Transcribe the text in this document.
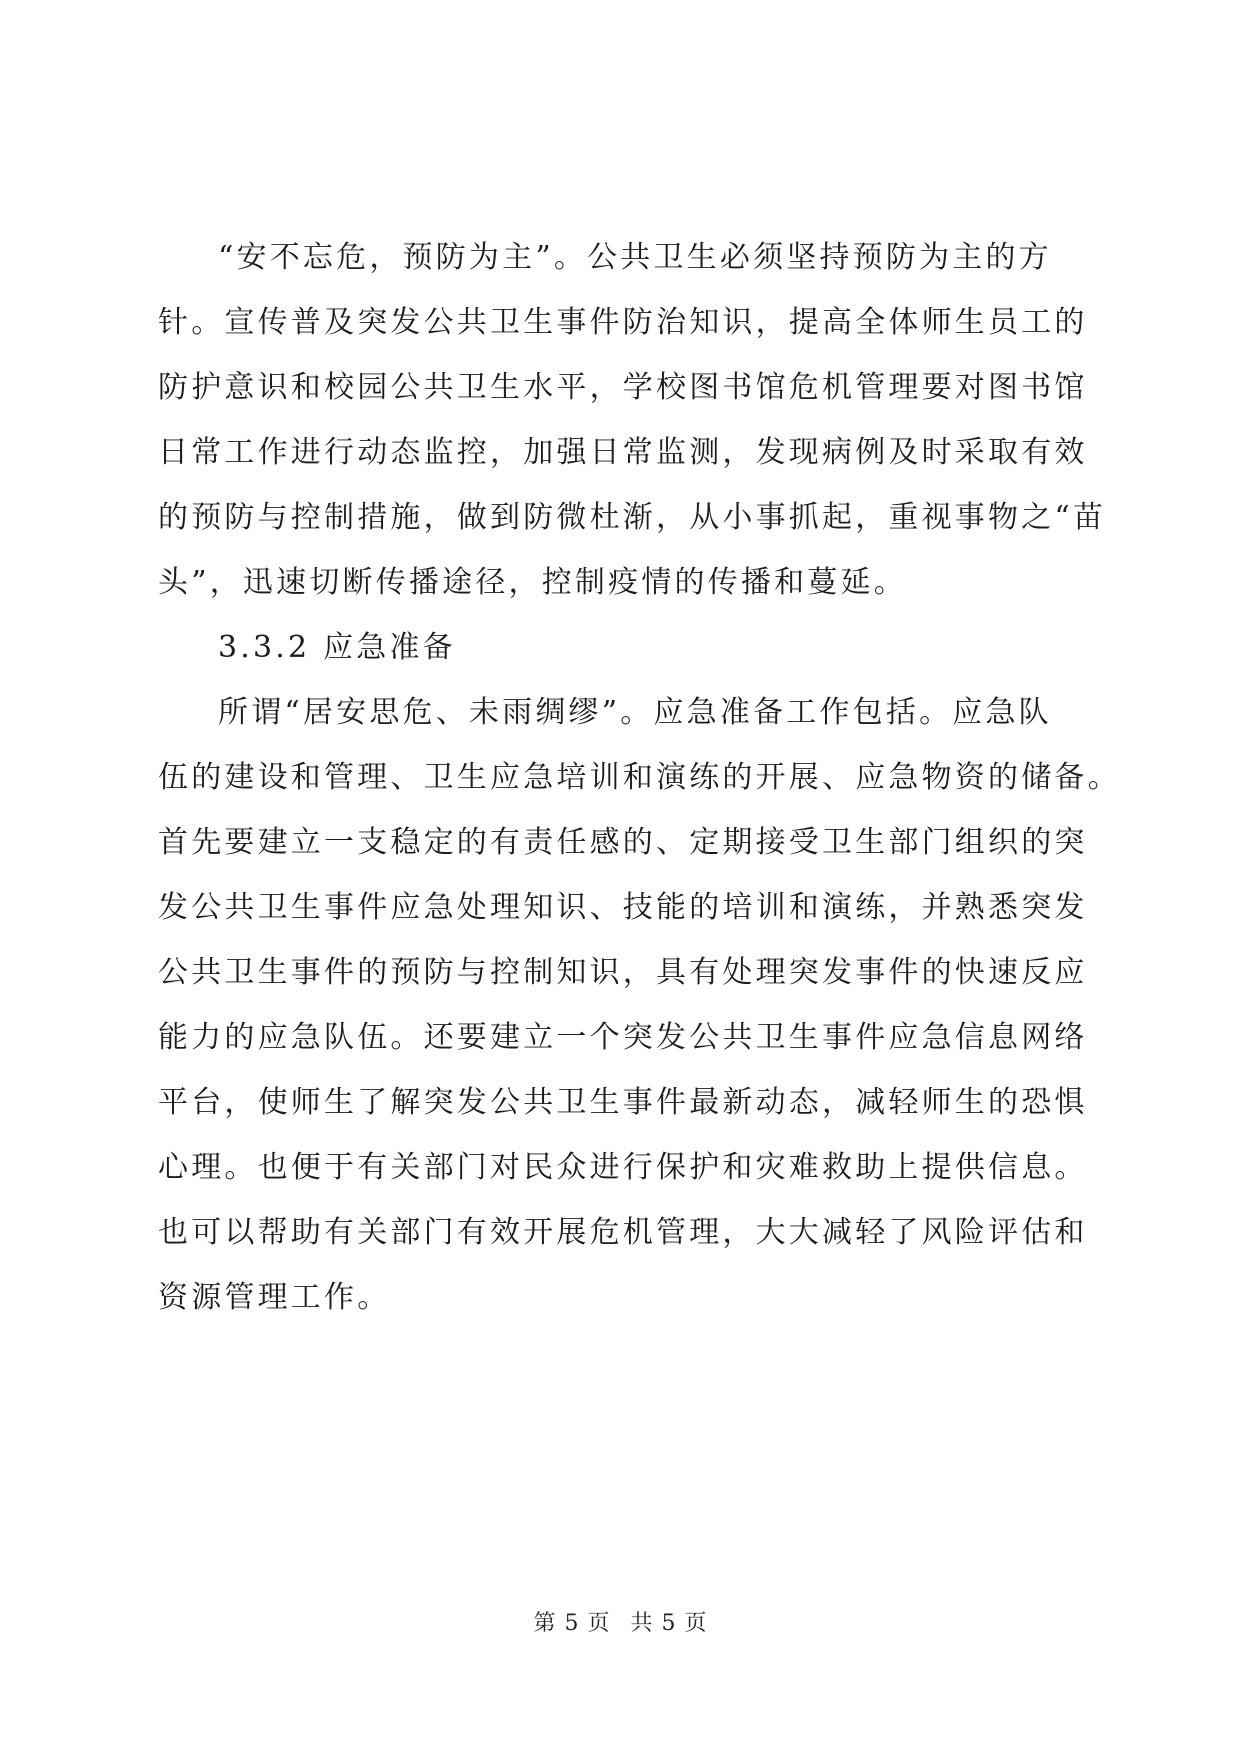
“安不忘危，预防为主”。公共卫生必须坚持预防为主的方
针。宣传普及突发公共卫生事件防治知识，提高全体师生员工的
防护意识和校园公共卫生水平，学校图书馆危机管理要对图书馆
日常工作进行动态监控，加强日常监测，发现病例及时采取有效
的预防与控制措施，做到防微杜渐，从小事抓起，重视事物之“苗
头”，迅速切断传播途径，控制疫情的传播和蔓延。
3.3.2 应急准备
所谓“居安思危、未雨绸缪”。应急准备工作包括。应急队
伍的建设和管理、卫生应急培训和演练的开展、应急物资的储备。
首先要建立一支稳定的有责任感的、定期接受卫生部门组织的突
发公共卫生事件应急处理知识、技能的培训和演练，并熟悉突发
公共卫生事件的预防与控制知识，具有处理突发事件的快速反应
能力的应急队伍。还要建立一个突发公共卫生事件应急信息网络
平台，使师生了解突发公共卫生事件最新动态，减轻师生的恐惧
心理。也便于有关部门对民众进行保护和灾难救助上提供信息。
也可以帮助有关部门有效开展危机管理，大大减轻了风险评估和
资源管理工作。
第 5 页 共 5 页
